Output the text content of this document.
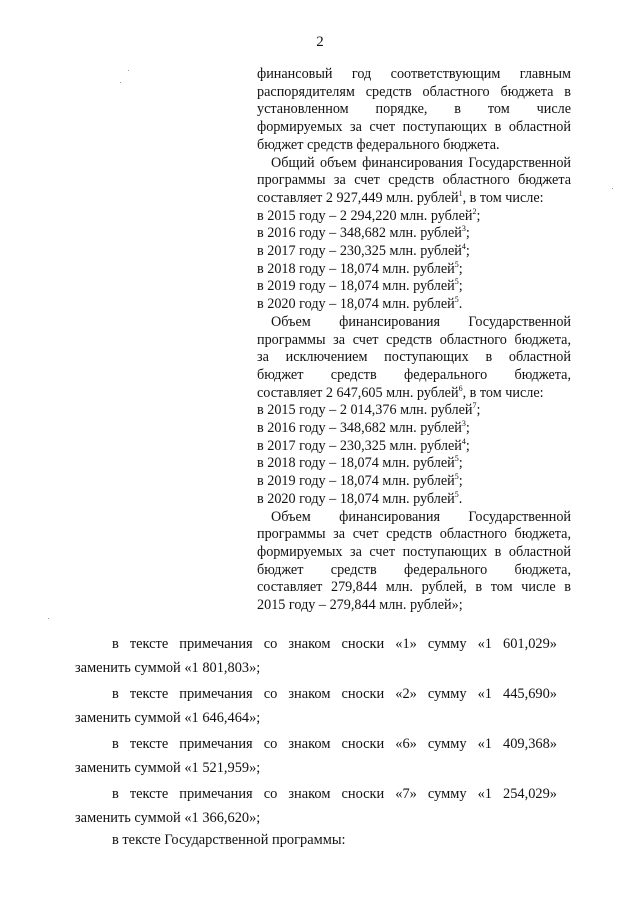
2

финансовый год соответствующим главным

распорядителям средств областного бюджета в

установленном порядке, в том числе

формируемых за счет поступающих в областной

бюджет средств федерального бюджета.

Общий объем финансирования Государственной

программы за счет средств областного бюджета

составляет 2 927,449 млн. рублей$^1$, в том числе:

в 2015 году – 2 294,220 млн. рублей$^2$;

в 2016 году – 348,682 млн. рублей$^3$;

в 2017 году – 230,325 млн. рублей$^4$;

в 2018 году – 18,074 млн. рублей$^5$;

в 2019 году – 18,074 млн. рублей$^5$;

в 2020 году – 18,074 млн. рублей$^5$.

Объем финансирования Государственной

программы за счет средств областного бюджета,

за исключением поступающих в областной

бюджет средств федерального бюджета,

составляет 2 647,605 млн. рублей$^6$, в том числе:

в 2015 году – 2 014,376 млн. рублей$^7$;

в 2016 году – 348,682 млн. рублей$^3$;

в 2017 году – 230,325 млн. рублей$^4$;

в 2018 году – 18,074 млн. рублей$^5$;

в 2019 году – 18,074 млн. рублей$^5$;

в 2020 году – 18,074 млн. рублей$^5$.

Объем финансирования Государственной

программы за счет средств областного бюджета,

формируемых за счет поступающих в областной

бюджет средств федерального бюджета,

составляет 279,844 млн. рублей, в том числе в

2015 году – 279,844 млн. рублей»;

в тексте примечания со знаком сноски «1» сумму «1 601,029»

заменить суммой «1 801,803»;

в тексте примечания со знаком сноски «2» сумму «1 445,690»

заменить суммой «1 646,464»;

в тексте примечания со знаком сноски «6» сумму «1 409,368»

заменить суммой «1 521,959»;

в тексте примечания со знаком сноски «7» сумму «1 254,029»

заменить суммой «1 366,620»;

в тексте Государственной программы:
